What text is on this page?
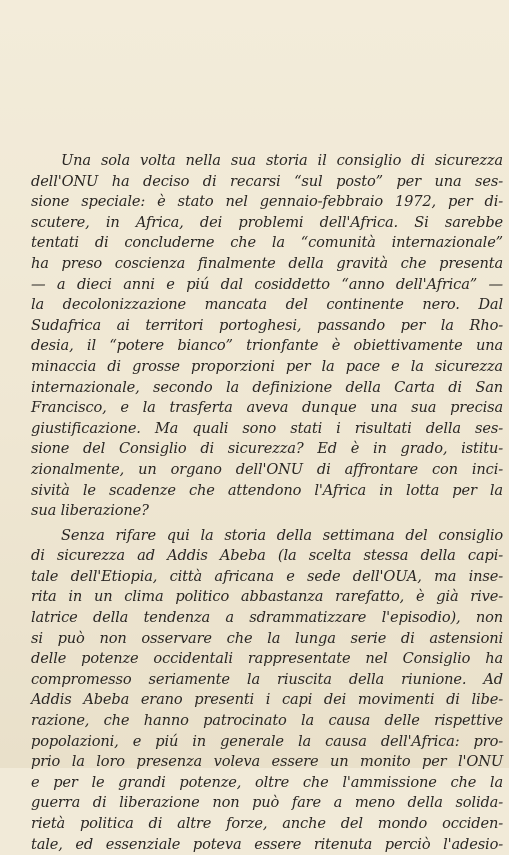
Una sola volta nella sua storia il consiglio di sicurezza
dell'ONU ha deciso di recarsi “sul posto” per una ses-
sione speciale: è stato nel gennaio-febbraio 1972, per di-
scutere, in Africa, dei problemi dell'Africa. Si sarebbe
tentati di concluderne che la “comunità internazionale”
ha preso coscienza finalmente della gravità che presenta
— a dieci anni e piú dal cosiddetto “anno dell'Africa” —
la decolonizzazione mancata del continente nero. Dal
Sudafrica ai territori portoghesi, passando per la Rho-
desia, il “potere bianco” trionfante è obiettivamente una
minaccia di grosse proporzioni per la pace e la sicurezza
internazionale, secondo la definizione della Carta di San
Francisco, e la trasferta aveva dunque una sua precisa
giustificazione. Ma quali sono stati i risultati della ses-
sione del Consiglio di sicurezza? Ed è in grado, istitu-
zionalmente, un organo dell'ONU di affrontare con inci-
sività le scadenze che attendono l'Africa in lotta per la
sua liberazione?
Senza rifare qui la storia della settimana del consiglio
di sicurezza ad Addis Abeba (la scelta stessa della capi-
tale dell'Etiopia, città africana e sede dell'OUA, ma inse-
rita in un clima politico abbastanza rarefatto, è già rive-
latrice della tendenza a sdrammatizzare l'episodio), non
si può non osservare che la lunga serie di astensioni
delle potenze occidentali rappresentate nel Consiglio ha
compromesso seriamente la riuscita della riunione. Ad
Addis Abeba erano presenti i capi dei movimenti di libe-
razione, che hanno patrocinato la causa delle rispettive
popolazioni, e piú in generale la causa dell'Africa: pro-
prio la loro presenza voleva essere un monito per l'ONU
e per le grandi potenze, oltre che l'ammissione che la
guerra di liberazione non può fare a meno della solida-
rietà politica di altre forze, anche del mondo occiden-
tale, ed essenziale poteva essere ritenuta perciò l'adesio-
